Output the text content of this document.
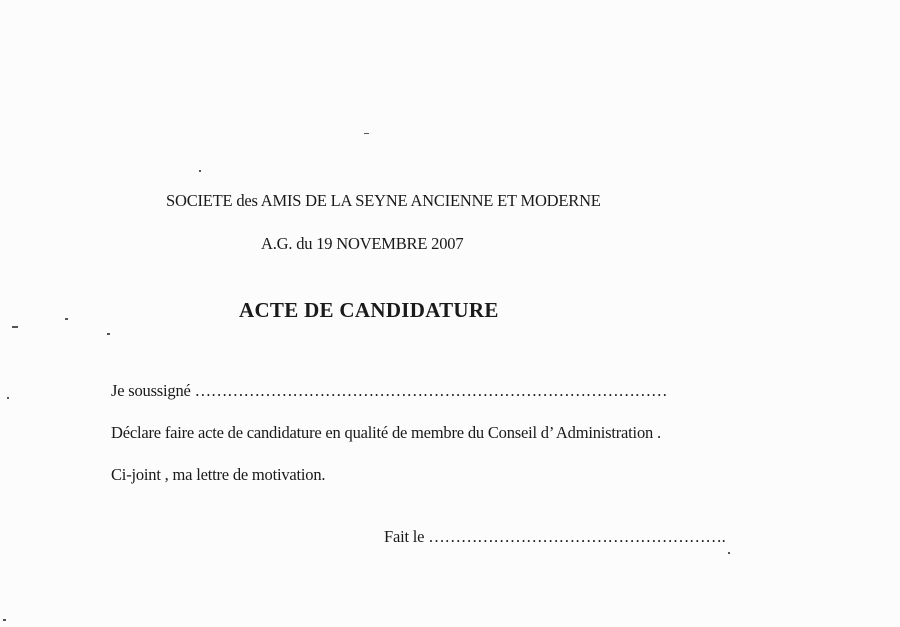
SOCIETE des AMIS DE LA SEYNE ANCIENNE ET MODERNE
A.G. du 19 NOVEMBRE 2007
ACTE DE CANDIDATURE
Je soussigné ……………………………………………………………………………
Déclare faire acte de candidature en qualité de membre du Conseil d’ Administration .
Ci-joint , ma lettre de motivation.
Fait le ……………………………………………….
